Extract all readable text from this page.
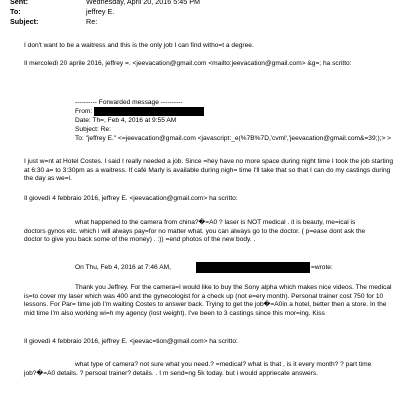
Sent:	Wednesday, April 20, 2016 5:45 PM
To:	jeffrey E.
Subject:	Re:
I don't want to be a waitress and this is the only job I can find witho=t a degree.
Il mercoledì 20 aprile 2016, jeffrey =. <jeevacation@gmail.com <mailto:jeevacation@gmail.com> &g=; ha scritto:
---------- Forwarded message ----------
From:
Date: Th=, Feb 4, 2016 at 9:55 AM
Subject: Re:
To: "jeffrey E." <=jeevacation@gmail.com <javascript:_e(%7B%7D,'cvml','jeevacation@gmail.com&=39;);> >
I just w=nt at Hotel Costes. I said I really needed a job. Since =hey have no more space during night time I took the job starting at 6:30 a= to 3:30pm as a waitress. If café Marly is available during nigh= time I'll take that so that I can do my castings during the day as we=l.
Il giovedì 4 febbraio 2016, jeffrey E. <jeevacation@gmail.com> ha scritto:
what happened to the camera from china?�=A0 ? laser is NOT medical . it is beauty, me=ical is doctors gynos etc. which i will always pay=for no matter what. you can always go to the doctor. ( p=ease dont ask the doctor to give you back some of the money) . :)) =end photos of the new body. .
On Thu, Feb 4, 2016 at 7:46 AM,	=wrote:
Thank you Jeffrey. For the camera=I would like to buy the Sony alpha which makes nice videos. The medical is=to cover my laser which was 400 and the gynecologist for a check up (not e=ery month). Personal trainer cost 750 for 10 lessons. For Par= time job I'm waiting Costes to answer back. Trying to get the job�=A0in a hotel, better then a store. In the mid time I'm also working wi=h my agency (lost weight). I've been to 3 castings since this mor=ing. Kiss
Il giovedì 4 febbraio 2016, jeffrey E. <jeevac=tion@gmail.com> ha scritto:
what type of camera? not sure what you need.? =medical? what is that , is it every month? ? part time job?�=A0 details. ? persoal trainer? details. . I m send=ng 5k today. but i would appriecate answers.
